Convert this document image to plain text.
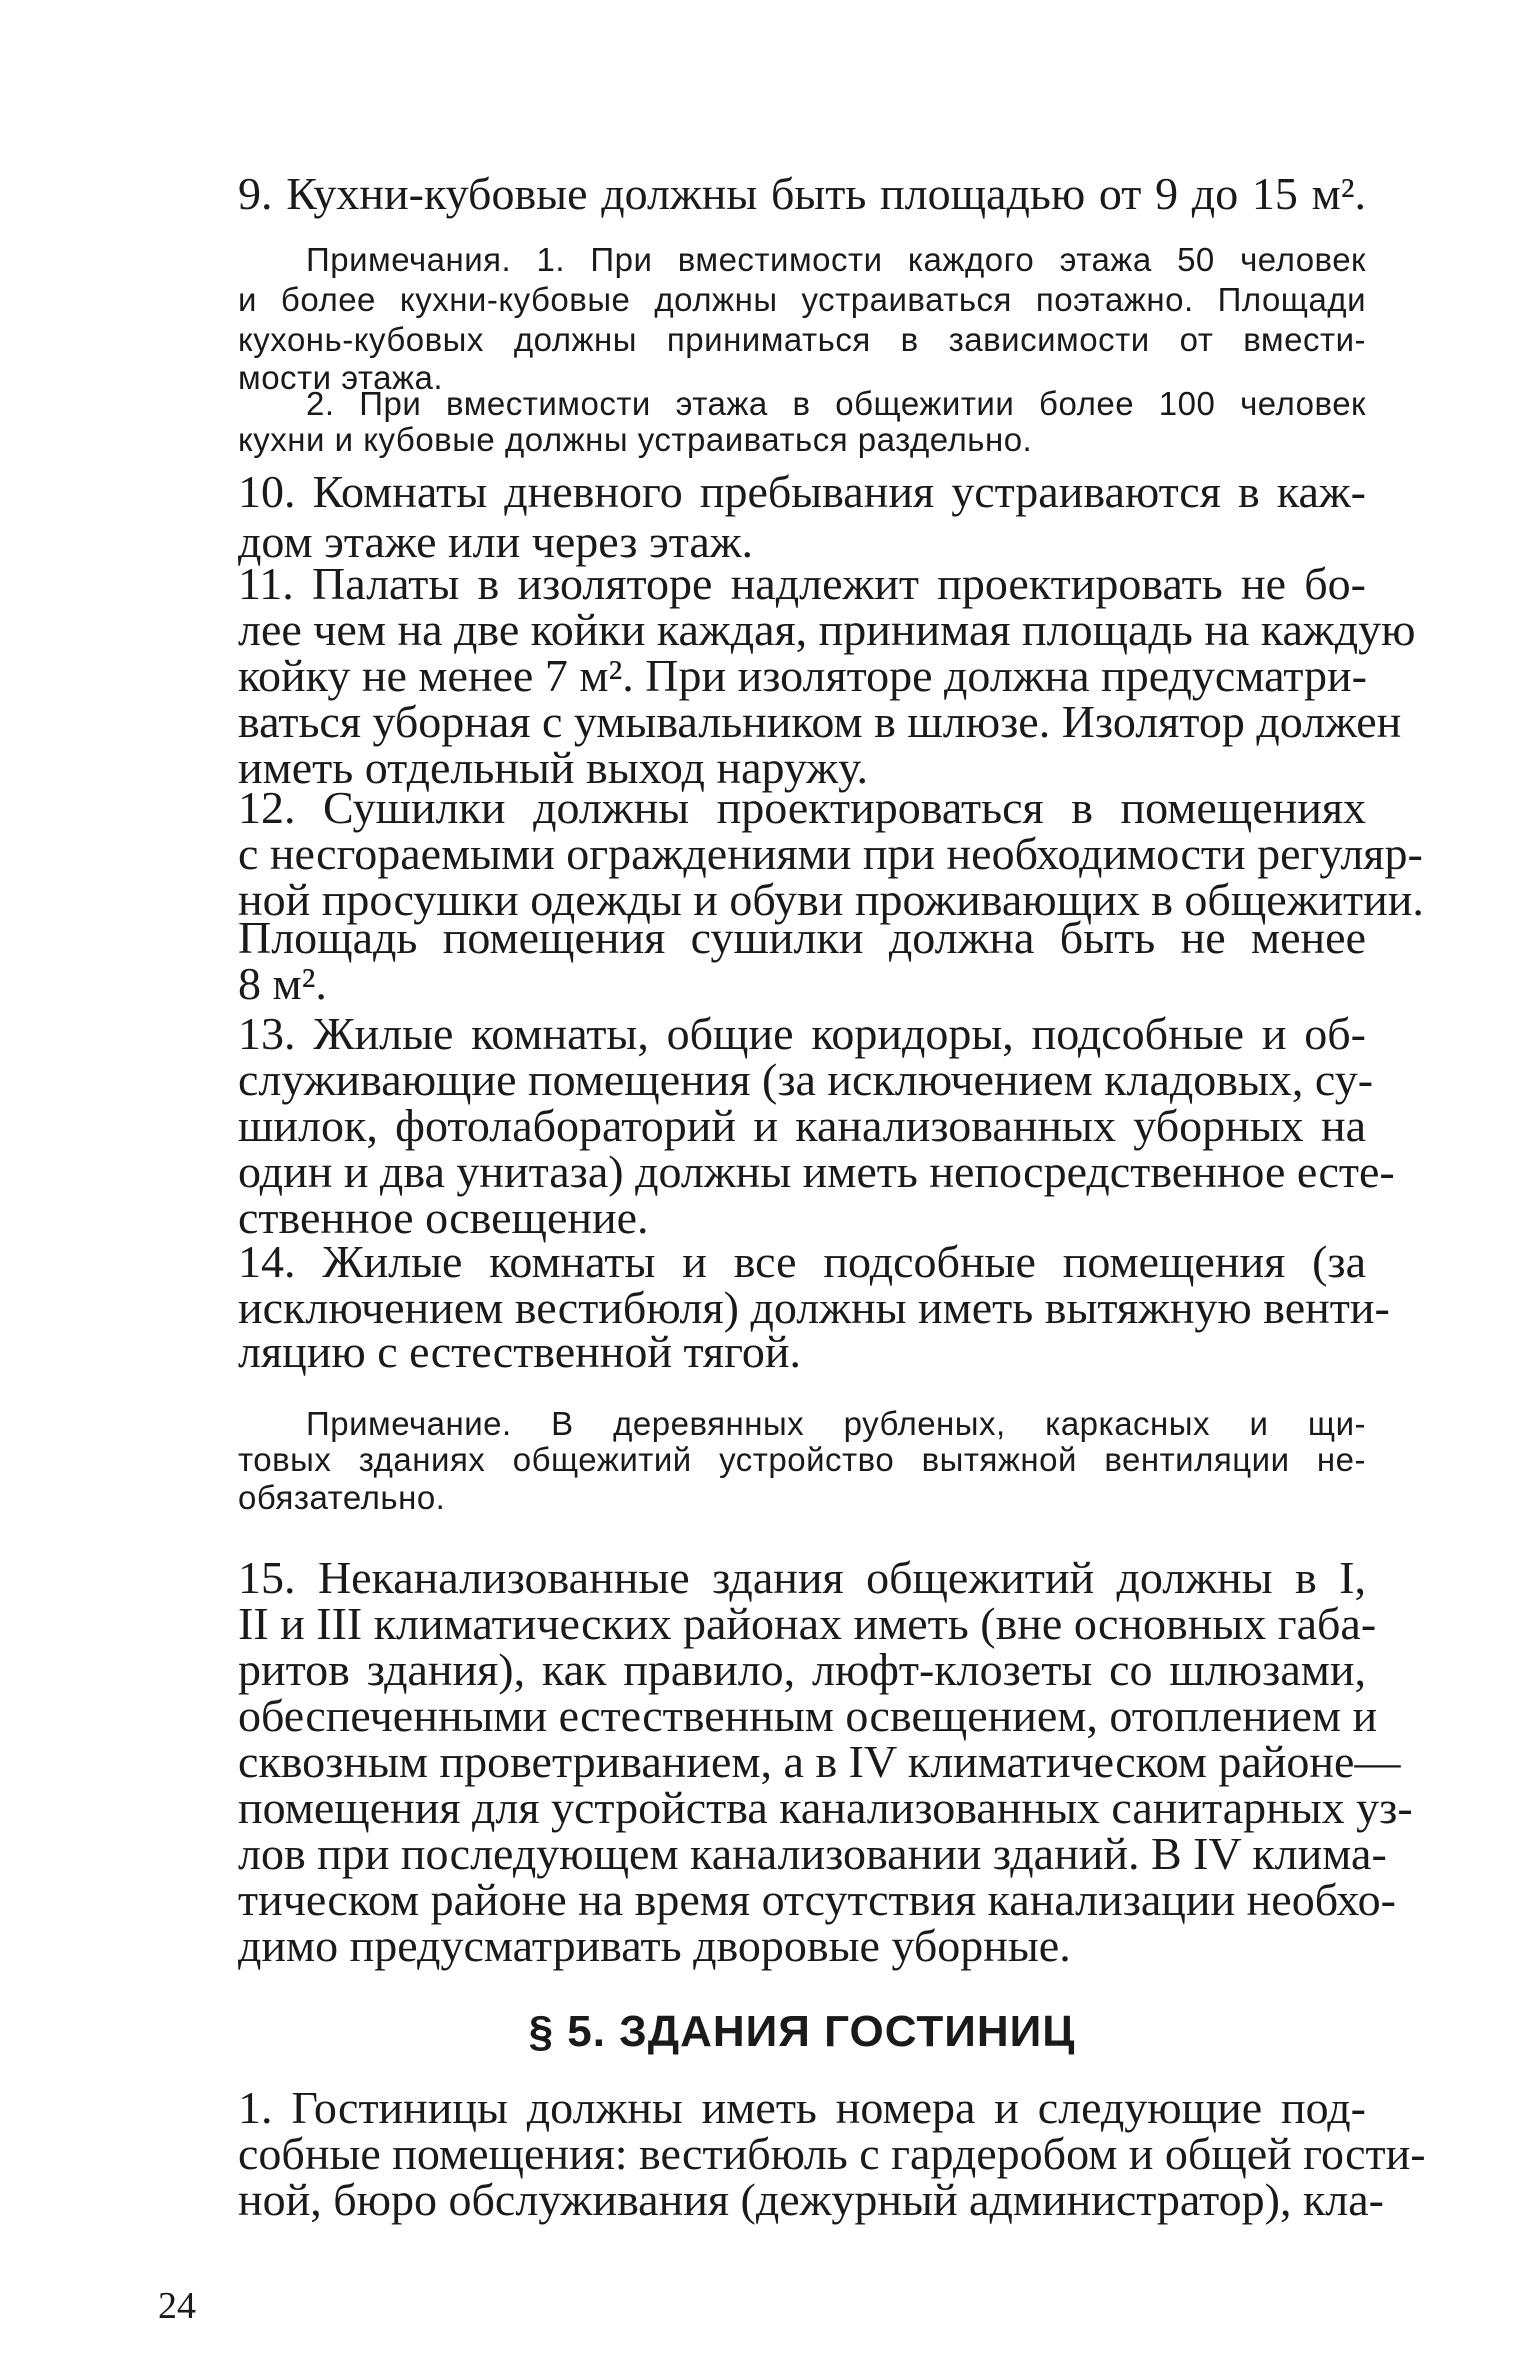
9. Кухни-кубовые должны быть площадью от 9 до 15 м².

Примечания. 1. При вместимости каждого этажа 50 человек

и более кухни-кубовые должны устраиваться поэтажно. Площади

кухонь-кубовых должны приниматься в зависимости от вмести-

мости этажа.

2. При вместимости этажа в общежитии более 100 человек

кухни и кубовые должны устраиваться раздельно.

10. Комнаты дневного пребывания устраиваются в каж-

дом этаже или через этаж.

11. Палаты в изоляторе надлежит проектировать не бо-

лее чем на две койки каждая, принимая площадь на каждую

койку не менее 7 м². При изоляторе должна предусматри-

ваться уборная с умывальником в шлюзе. Изолятор должен

иметь отдельный выход наружу.

12. Сушилки должны проектироваться в помещениях

с несгораемыми ограждениями при необходимости регуляр-

ной просушки одежды и обуви проживающих в общежитии.

Площадь помещения сушилки должна быть не менее

8 м².

13. Жилые комнаты, общие коридоры, подсобные и об-

служивающие помещения (за исключением кладовых, су-

шилок, фотолабораторий и канализованных уборных на

один и два унитаза) должны иметь непосредственное есте-

ственное освещение.

14. Жилые комнаты и все подсобные помещения (за

исключением вестибюля) должны иметь вытяжную венти-

ляцию с естественной тягой.

Примечание. В деревянных рубленых, каркасных и щи-

товых зданиях общежитий устройство вытяжной вентиляции не-

обязательно.

15. Неканализованные здания общежитий должны в I,

II и III климатических районах иметь (вне основных габа-

ритов здания), как правило, люфт-клозеты со шлюзами,

обеспеченными естественным освещением, отоплением и

сквозным проветриванием, а в IV климатическом районе—

помещения для устройства канализованных санитарных уз-

лов при последующем канализовании зданий. В IV клима-

тическом районе на время отсутствия канализации необхо-

димо предусматривать дворовые уборные.

§ 5. ЗДАНИЯ ГОСТИНИЦ

1. Гостиницы должны иметь номера и следующие под-

собные помещения: вестибюль с гардеробом и общей гости-

ной, бюро обслуживания (дежурный администратор), кла-

24
